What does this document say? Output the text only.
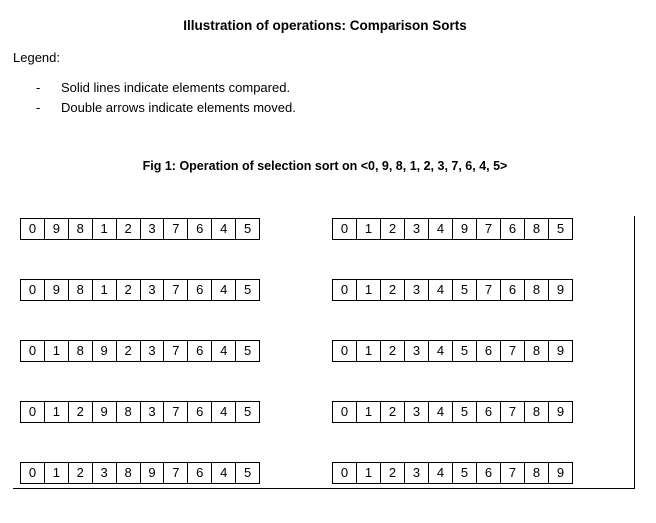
Illustration of operations: Comparison Sorts
Legend:
- Solid lines indicate elements compared.
- Double arrows indicate elements moved.
Fig 1: Operation of selection sort on <0, 9, 8, 1, 2, 3, 7, 6, 4, 5>
0	9	8	1	2	3	7	6	4	5
0	9	8	1	2	3	7	6	4	5
0	1	8	9	2	3	7	6	4	5
0	1	2	9	8	3	7	6	4	5
0	1	2	3	8	9	7	6	4	5
0	1	2	3	4	9	7	6	8	5
0	1	2	3	4	5	7	6	8	9
0	1	2	3	4	5	6	7	8	9
0	1	2	3	4	5	6	7	8	9
0	1	2	3	4	5	6	7	8	9
